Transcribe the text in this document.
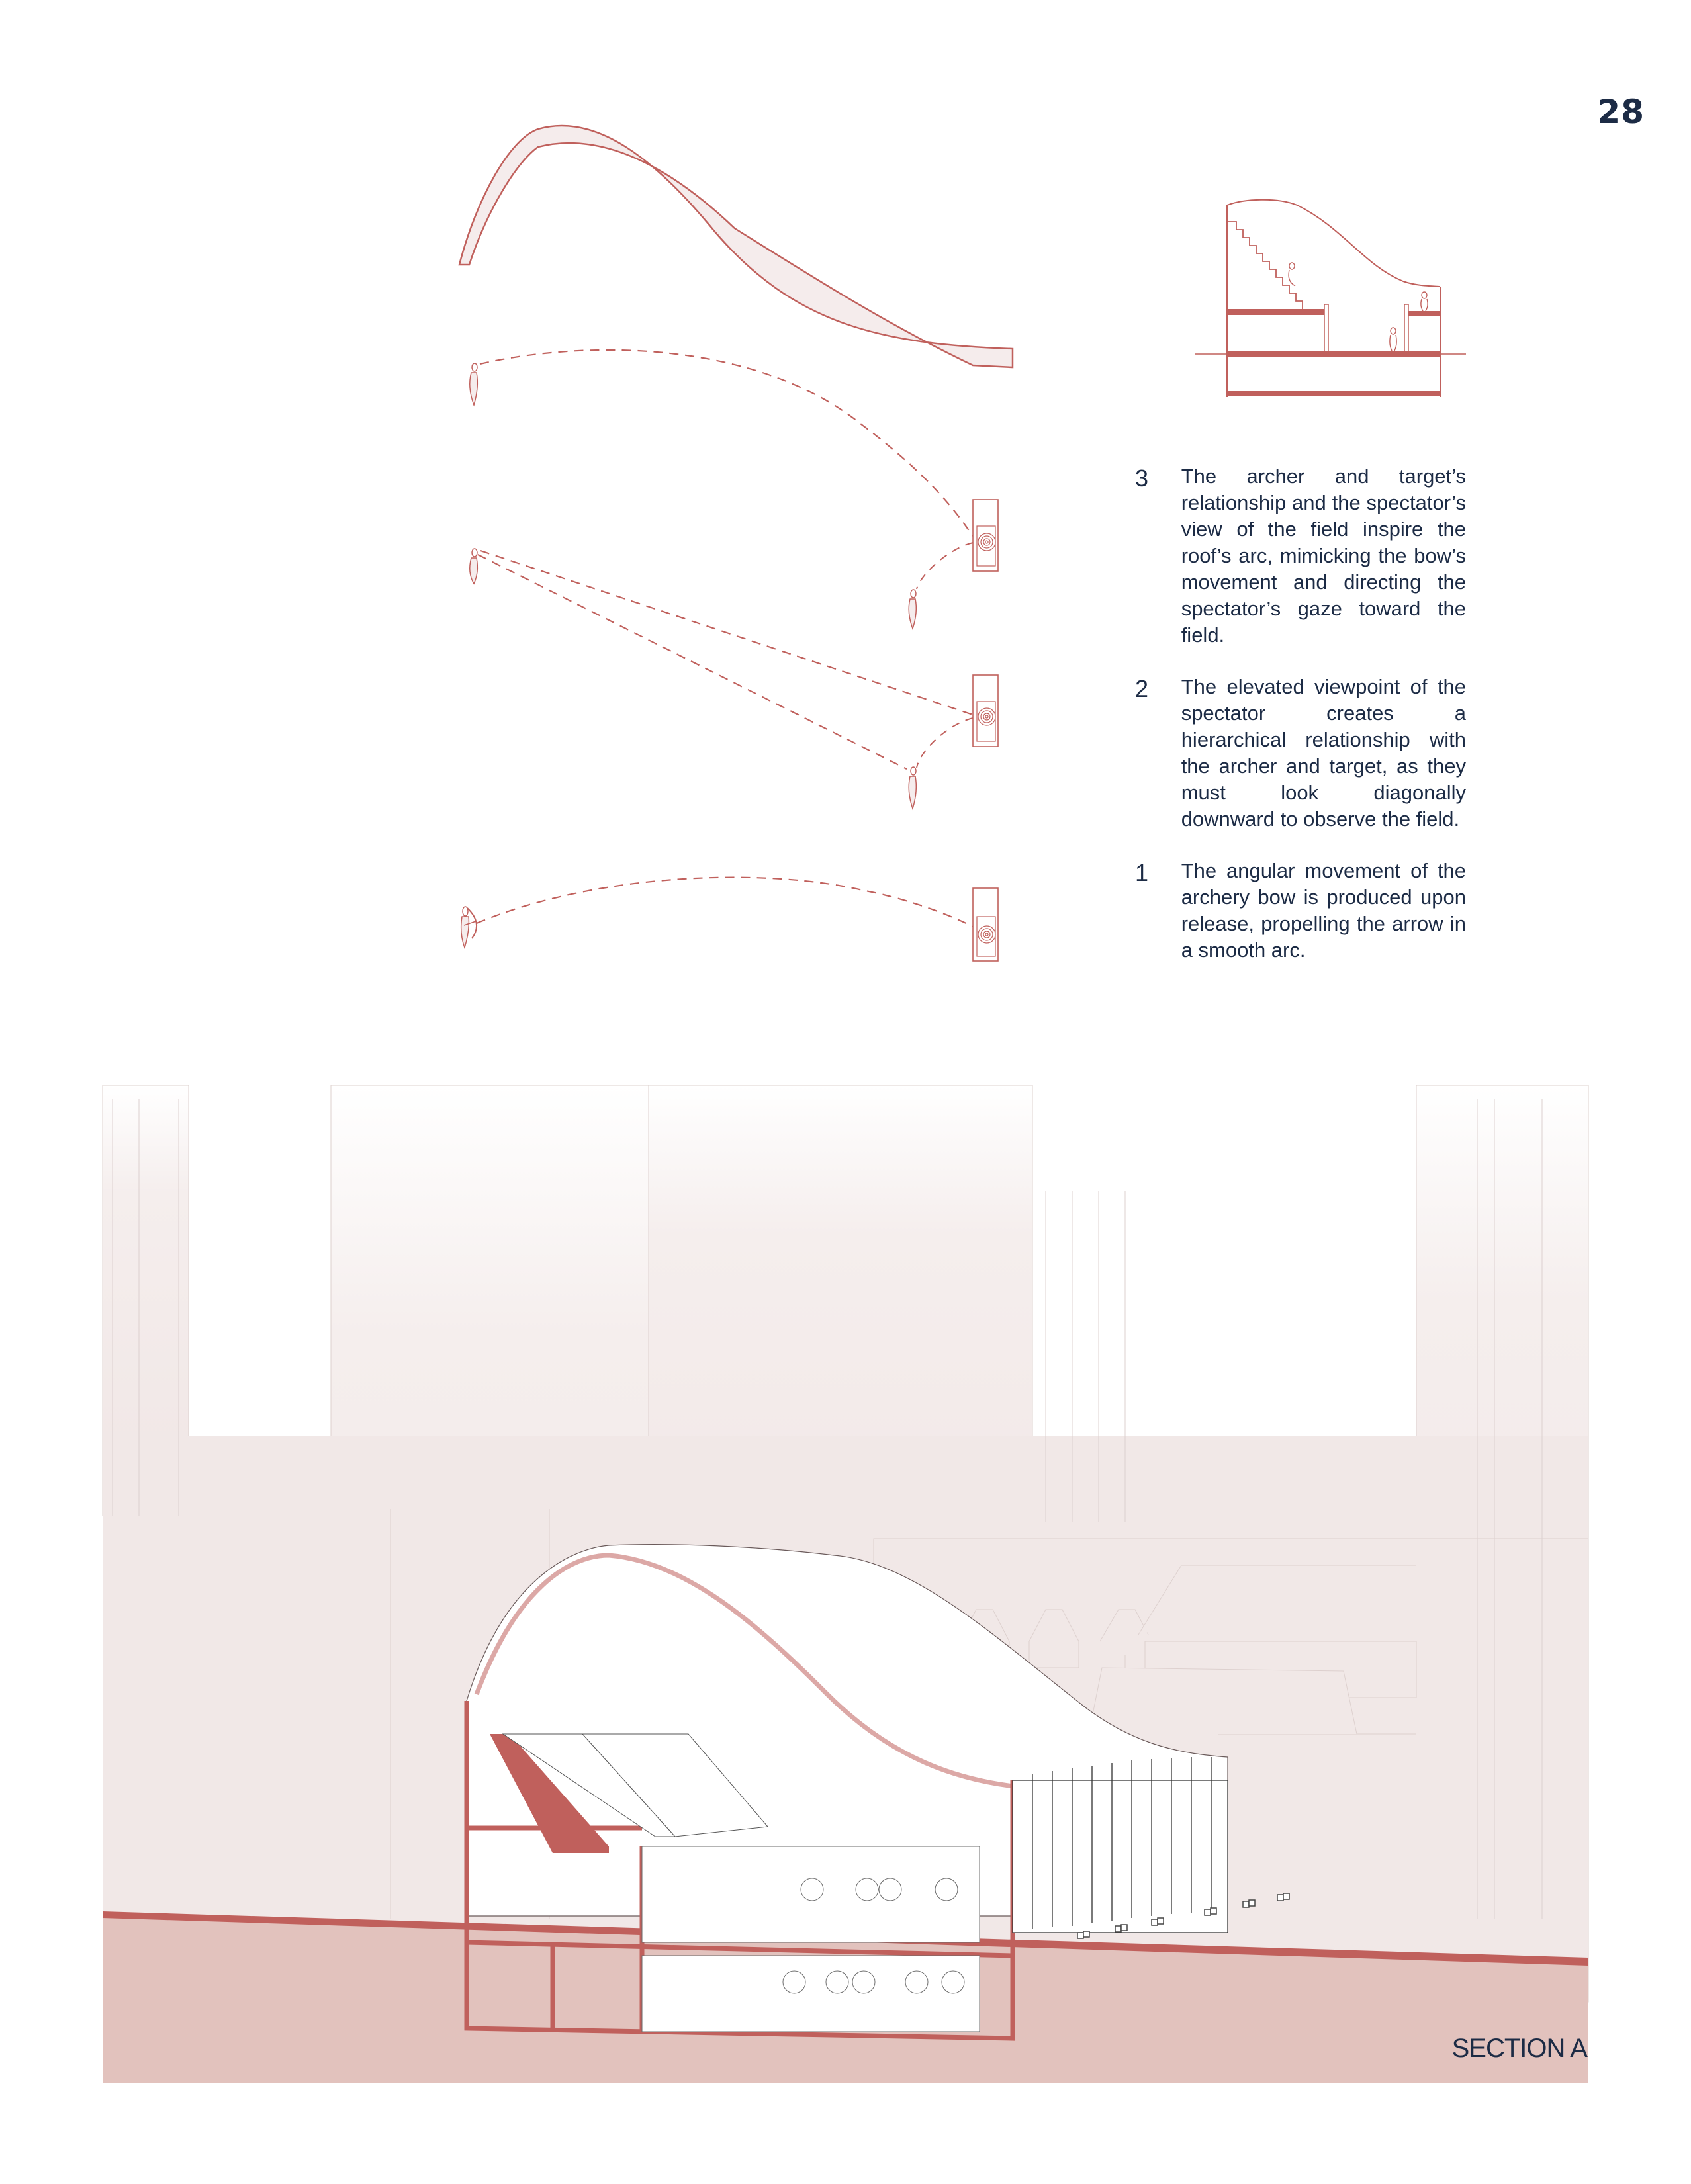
28
3	The archer and target’s relationship and the spectator’s view of the field inspire the roof’s arc, mimicking the bow’s movement and directing the spectator’s gaze toward the field.
2	The elevated viewpoint of the spectator creates a hierarchical relationship with the archer and target, as they must look diagonally downward to observe the field.
1	The angular movement of the archery bow is produced upon release, propelling the arrow in a smooth arc.
SECTION A
